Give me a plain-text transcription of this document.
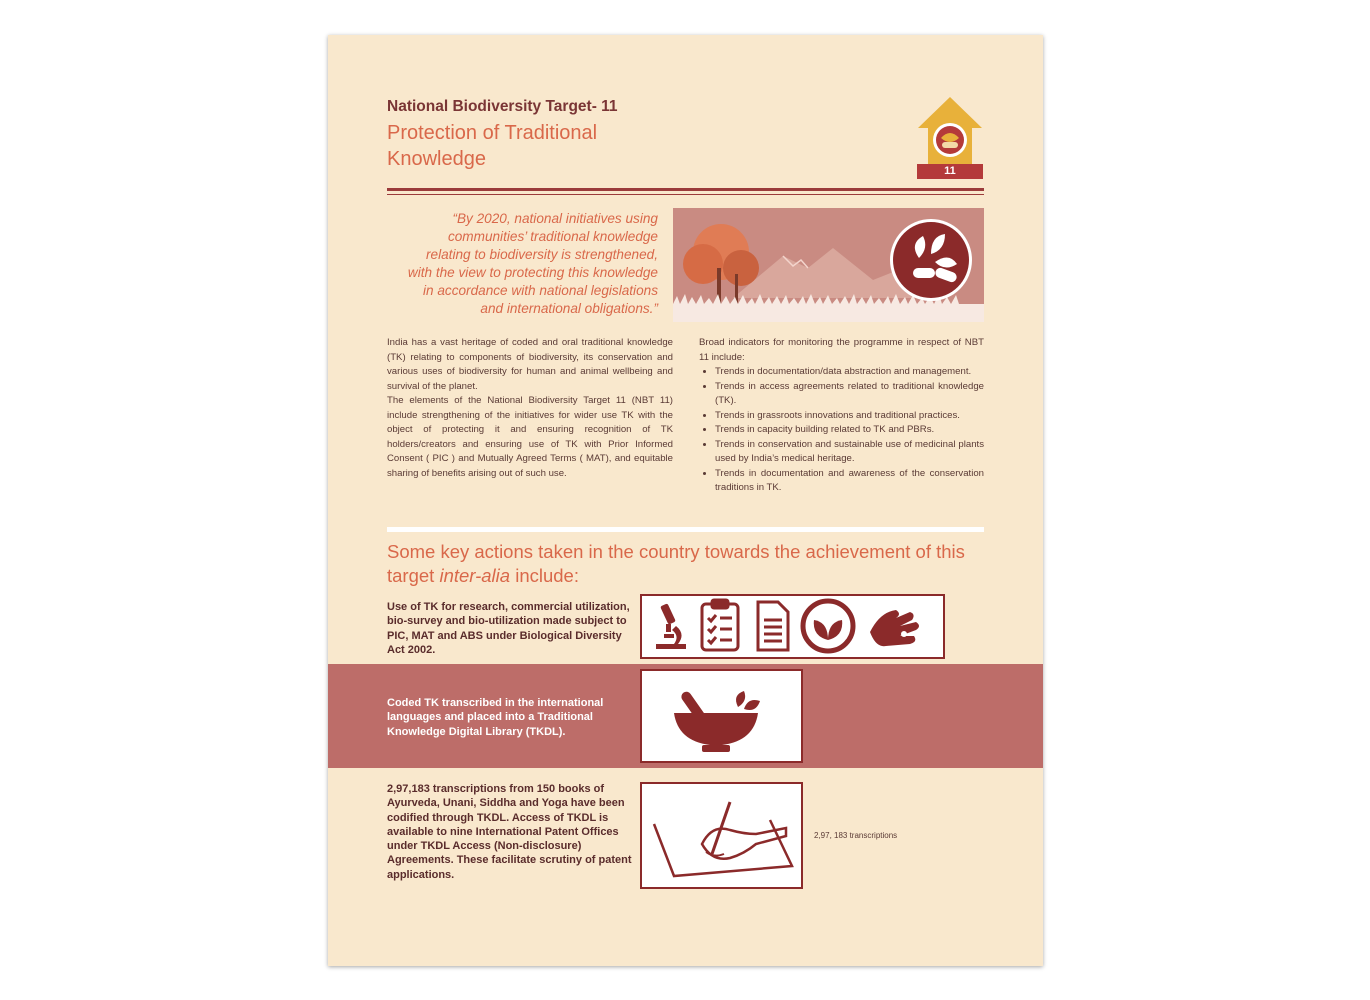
National Biodiversity Target- 11
Protection of Traditional
Knowledge
11
“By 2020, national initiatives using
communities’ traditional knowledge
relating to biodiversity is strengthened,
with the view to protecting this knowledge
in accordance with national legislations
and international obligations.”

India has a vast heritage of coded and oral traditional knowledge (TK) relating to components of biodiversity, its conservation and various uses of biodiversity for human and animal wellbeing and survival of the planet.

The elements of the National Biodiversity Target 11 (NBT 11) include strengthening of the initiatives for wider use TK with the object of protecting it and ensuring recognition of TK holders/creators and ensuring use of TK with Prior Informed Consent ( PIC ) and Mutually Agreed Terms ( MAT), and equitable sharing of benefits arising out of such use.

Broad indicators for monitoring the programme in respect of NBT 11 include:
• Trends in documentation/data abstraction and management.
• Trends in access agreements related to traditional knowledge (TK).
• Trends in grassroots innovations and traditional practices.
• Trends in capacity building related to TK and PBRs.
• Trends in conservation and sustainable use of medicinal plants used by India’s medical heritage.
• Trends in documentation and awareness of the conservation traditions in TK.
Some key actions taken in the country towards the achievement of this target inter-alia include:
Use of TK for research, commercial utilization, bio-survey and bio-utilization made subject to PIC, MAT and ABS under Biological Diversity Act 2002.
Coded TK transcribed in the international languages and placed into a Traditional Knowledge Digital Library (TKDL).
2,97,183 transcriptions from 150 books of Ayurveda, Unani, Siddha and Yoga have been codified through TKDL. Access of TKDL is available to nine International Patent Offices under TKDL Access (Non-disclosure) Agreements. These facilitate scrutiny of patent applications.
2,97, 183 transcriptions
